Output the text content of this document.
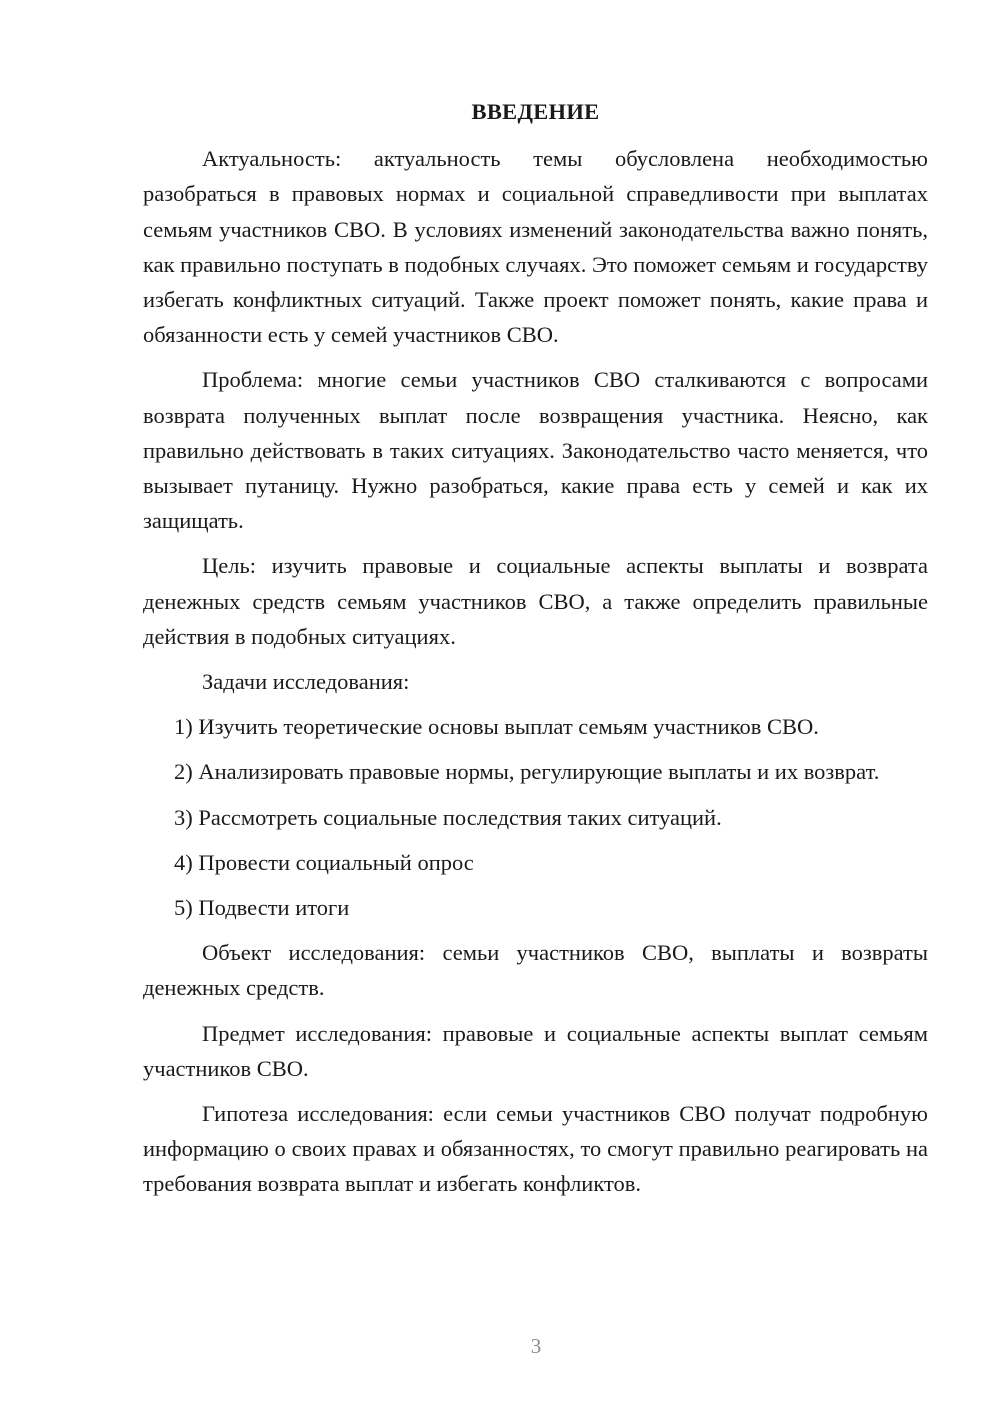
ВВЕДЕНИЕ

Актуальность: актуальность темы обусловлена необходимостью разобраться в правовых нормах и социальной справедливости при выплатах семьям участников СВО. В условиях изменений законодательства важно понять, как правильно поступать в подобных случаях. Это поможет семьям и государству избегать конфликтных ситуаций. Также проект поможет понять, какие права и обязанности есть у семей участников СВО.

Проблема: многие семьи участников СВО сталкиваются с вопросами возврата полученных выплат после возвращения участника. Неясно, как правильно действовать в таких ситуациях. Законодательство часто меняется, что вызывает путаницу. Нужно разобраться, какие права есть у семей и как их защищать.

Цель: изучить правовые и социальные аспекты выплаты и возврата денежных средств семьям участников СВО, а также определить правильные действия в подобных ситуациях.

Задачи исследования:

1) Изучить теоретические основы выплат семьям участников СВО.

2) Анализировать правовые нормы, регулирующие выплаты и их возврат.

3) Рассмотреть социальные последствия таких ситуаций.

4) Провести социальный опрос

5) Подвести итоги

Объект исследования: семьи участников СВО, выплаты и возвраты денежных средств.

Предмет исследования: правовые и социальные аспекты выплат семьям участников СВО.

Гипотеза исследования: если семьи участников СВО получат подробную информацию о своих правах и обязанностях, то смогут правильно реагировать на требования возврата выплат и избегать конфликтов.

3
